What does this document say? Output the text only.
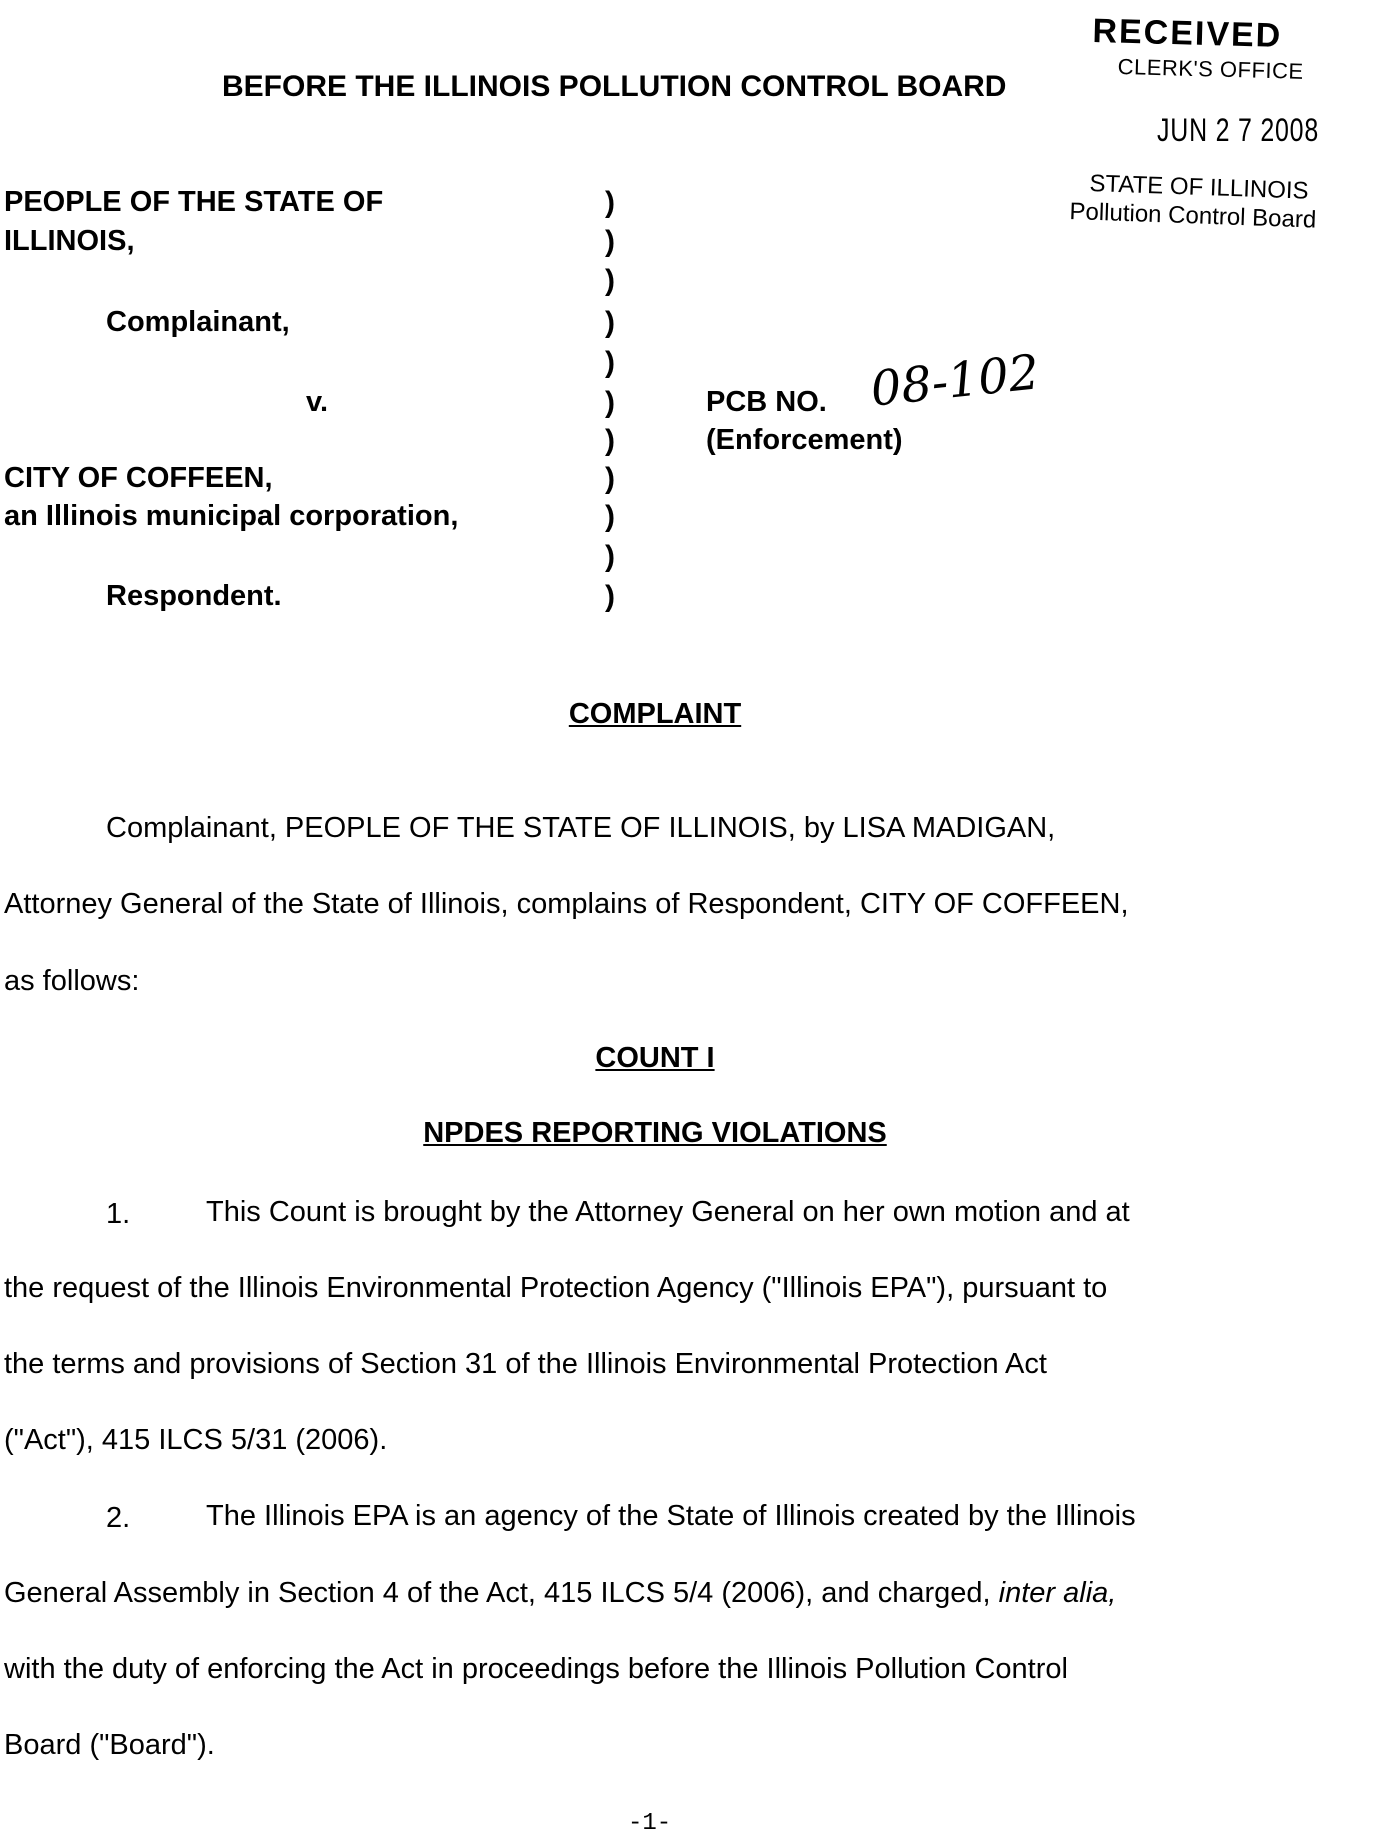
RECEIVED
CLERK'S OFFICE
JUN 2 7 2008
STATE OF ILLINOIS
Pollution Control Board
BEFORE THE ILLINOIS POLLUTION CONTROL BOARD
PEOPLE OF THE STATE OF
ILLINOIS,
Complainant,
v.
CITY OF COFFEEN,
an Illinois municipal corporation,
Respondent.
)
)
)
)
)
)
)
)
)
)
)
PCB NO. 08-102
(Enforcement)
COMPLAINT
Complainant, PEOPLE OF THE STATE OF ILLINOIS, by LISA MADIGAN,
Attorney General of the State of Illinois, complains of Respondent, CITY OF COFFEEN,
as follows:
COUNT I
NPDES REPORTING VIOLATIONS
1.	This Count is brought by the Attorney General on her own motion and at
the request of the Illinois Environmental Protection Agency ("Illinois EPA"), pursuant to
the terms and provisions of Section 31 of the Illinois Environmental Protection Act
("Act"), 415 ILCS 5/31 (2006).
2.	The Illinois EPA is an agency of the State of Illinois created by the Illinois
General Assembly in Section 4 of the Act, 415 ILCS 5/4 (2006), and charged, inter alia,
with the duty of enforcing the Act in proceedings before the Illinois Pollution Control
Board ("Board").
-1-
